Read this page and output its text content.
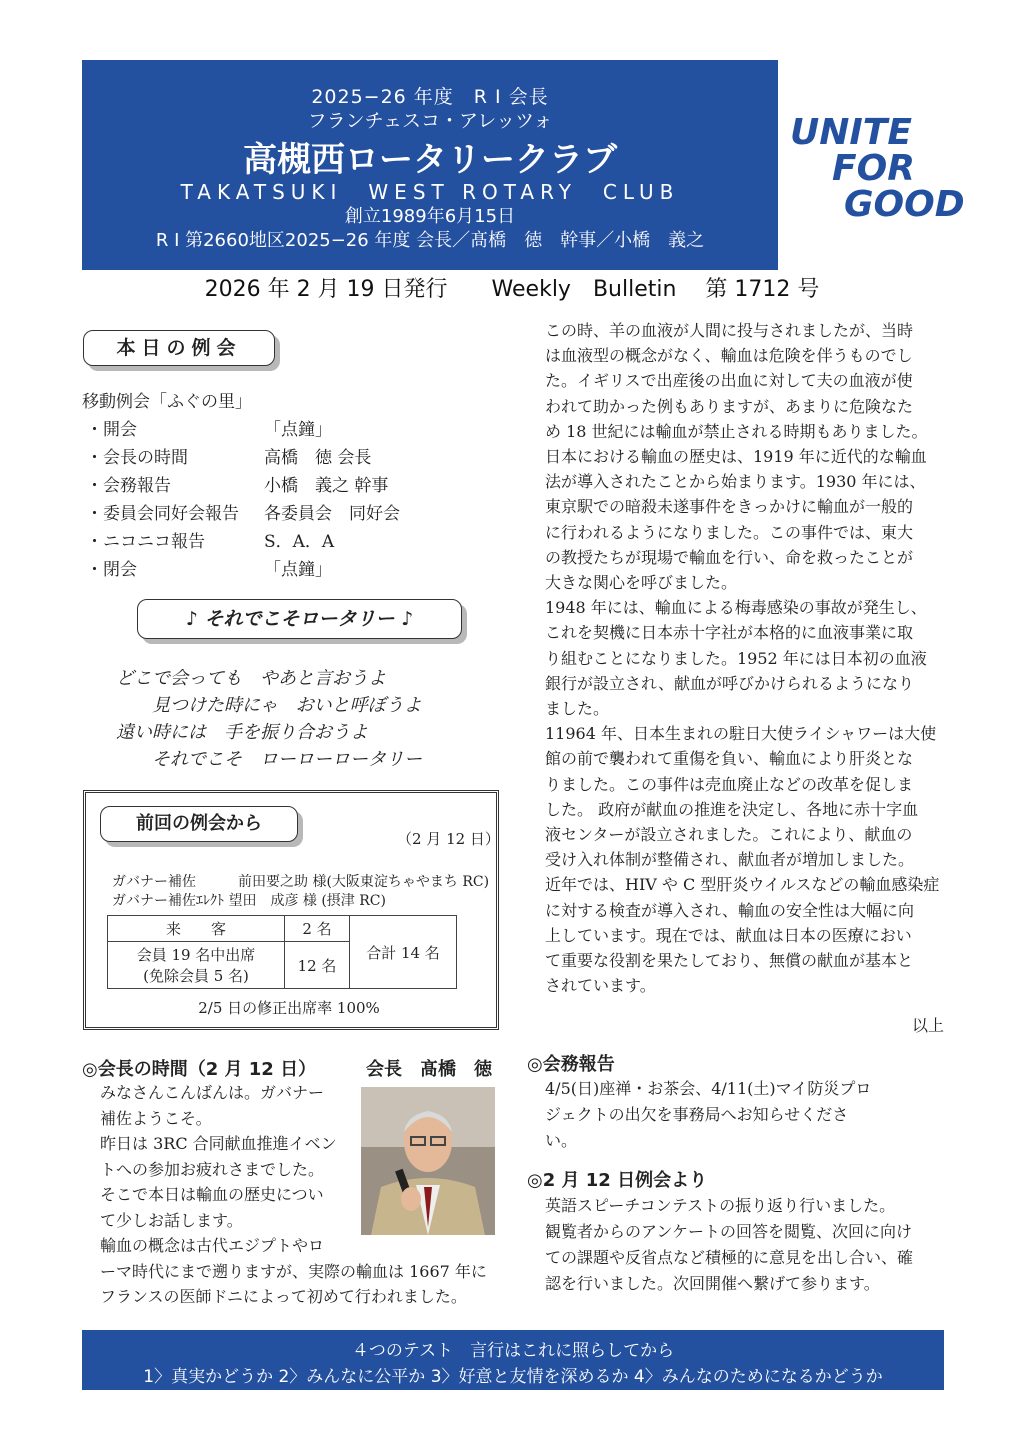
2025−26 年度　R I 会長
フランチェスコ・アレッツォ
高槻西ロータリークラブ
TAKATSUKI　WEST ROTARY　CLUB
創立1989年6月15日
R I 第2660地区2025−26 年度 会長／髙橋　徳　幹事／小橋　義之
UNITE
FOR
GOOD
2026 年 2 月 19 日発行　　Weekly　Bulletin　 第 1712 号
本日の例会
移動例会「ふぐの里」
・開会	「点鐘」
・会長の時間	高橋　徳 会長
・会務報告	小橋　義之 幹事
・委員会同好会報告 各委員会　同好会
・ニコニコ報告	S．A．A
・閉会	「点鐘」
♪ それでこそロータリー ♪
どこで会っても　やあと言おうよ
見つけた時にゃ　おいと呼ぼうよ
遠い時には　手を振り合おうよ
それでこそ　ローローロータリー
前回の例会から
（2 月 12 日）
ガバナー補佐　　　前田要之助 様(大阪東淀ちゃやまち RC)
ガバナー補佐ｴﾚｸﾄ 望田　成彦 様 (摂津 RC)
来　　客	2 名	合計 14 名

会員 19 名中出席
(免除会員 5 名)	12 名	
2/5 日の修正出席率 100%
◎会長の時間（2 月 12 日）	会長　髙橋　徳
みなさんこんばんは。ガバナー
補佐ようこそ。
昨日は 3RC 合同献血推進イベン
トへの参加お疲れさまでした。
そこで本日は輸血の歴史につい
て少しお話します。
輸血の概念は古代エジプトやロ
ーマ時代にまで遡りますが、実際の輸血は 1667 年に
フランスの医師ドニによって初めて行われました。
この時、羊の血液が人間に投与されましたが、当時
は血液型の概念がなく、輸血は危険を伴うものでし
た。イギリスで出産後の出血に対して夫の血液が使
われて助かった例もありますが、あまりに危険なた
め 18 世紀には輸血が禁止される時期もありました。
日本における輸血の歴史は、1919 年に近代的な輸血
法が導入されたことから始まります。1930 年には、
東京駅での暗殺未遂事件をきっかけに輸血が一般的
に行われるようになりました。この事件では、東大
の教授たちが現場で輸血を行い、命を救ったことが
大きな関心を呼びました。
1948 年には、輸血による梅毒感染の事故が発生し、
これを契機に日本赤十字社が本格的に血液事業に取
り組むことになりました。1952 年には日本初の血液
銀行が設立され、献血が呼びかけられるようになり
ました。
11964 年、日本生まれの駐日大使ライシャワーは大使
館の前で襲われて重傷を負い、輸血により肝炎とな
りました。この事件は売血廃止などの改革を促しま
した。 政府が献血の推進を決定し、各地に赤十字血
液センターが設立されました。これにより、献血の
受け入れ体制が整備され、献血者が増加しました。
近年では、HIV や C 型肝炎ウイルスなどの輸血感染症
に対する検査が導入され、輸血の安全性は大幅に向
上しています。現在では、献血は日本の医療におい
て重要な役割を果たしており、無償の献血が基本と
されています。
以上
◎会務報告
4/5(日)座禅・お茶会、4/11(土)マイ防災プロ
ジェクトの出欠を事務局へお知らせくださ
い。
◎2 月 12 日例会より
英語スピーチコンテストの振り返り行いました。
観覧者からのアンケートの回答を閲覧、次回に向け
ての課題や反省点など積極的に意見を出し合い、確
認を行いました。次回開催へ繋げて参ります。
４つのテスト　言行はこれに照らしてから
1〉真実かどうか 2〉みんなに公平か 3〉好意と友情を深めるか 4〉みんなのためになるかどうか
